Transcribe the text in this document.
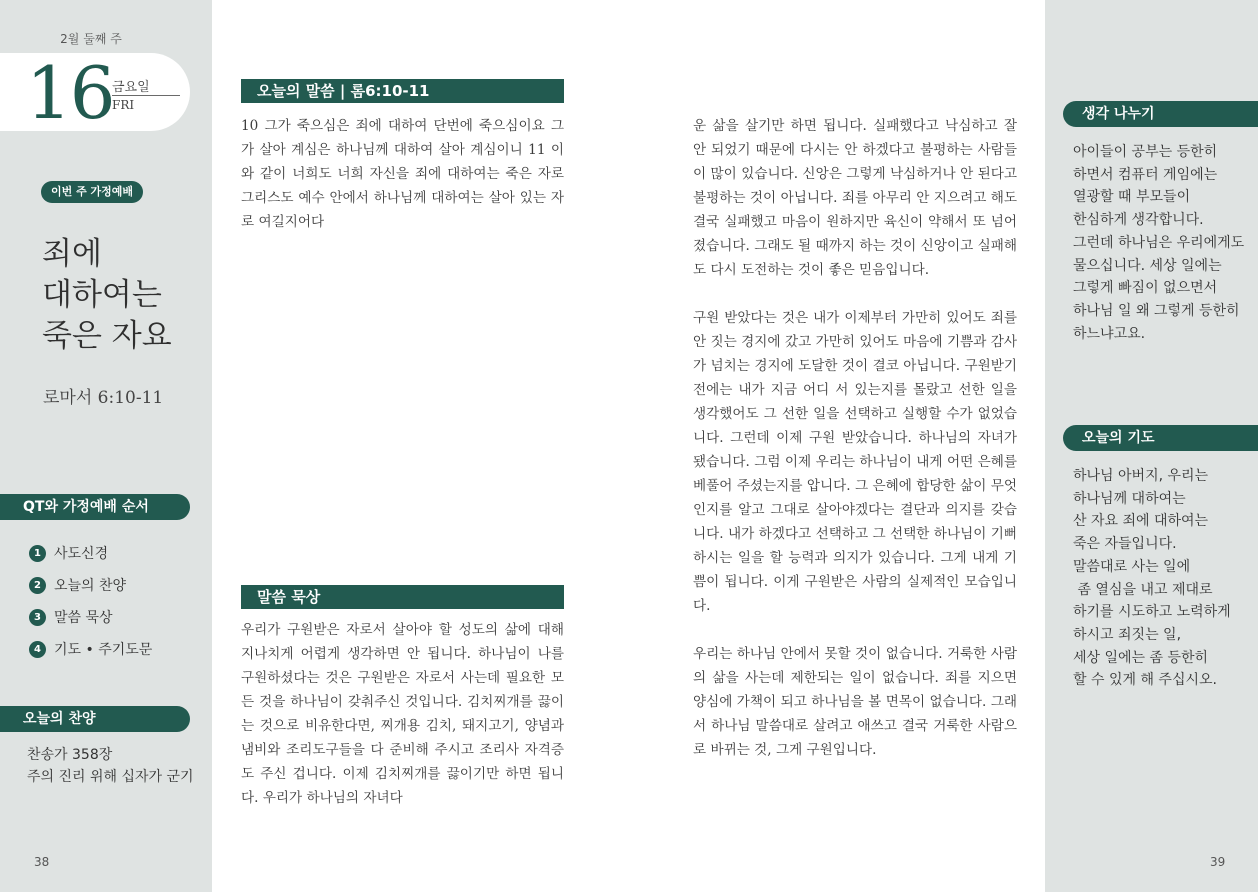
2월 둘째 주
16
금요일
FRI
이번 주 가정예배
죄에
대하여는
죽은 자요
로마서 6:10-11
QT와 가정예배 순서
1 사도신경
2 오늘의 찬양
3 말씀 묵상
4 기도 • 주기도문
오늘의 찬양
찬송가 358장
주의 진리 위해 십자가 군기
38
오늘의 말씀 | 롬6:10-11
10 그가 죽으심은 죄에 대하여 단번에 죽으심이요 그가 살아 계심은 하나님께 대하여 살아 계심이니 11 이와 같이 너희도 너희 자신을 죄에 대하여는 죽은 자로 그리스도 예수 안에서 하나님께 대하여는 살아 있는 자로 여길지어다
말씀 묵상
우리가 구원받은 자로서 살아야 할 성도의 삶에 대해 지나치게 어렵게 생각하면 안 됩니다. 하나님이 나를 구원하셨다는 것은 구원받은 자로서 사는데 필요한 모든 것을 하나님이 갖춰주신 것입니다. 김치찌개를 끓이는 것으로 비유한다면, 찌개용 김치, 돼지고기, 양념과 냄비와 조리도구들을 다 준비해 주시고 조리사 자격증도 주신 겁니다. 이제 김치찌개를 끓이기만 하면 됩니다. 우리가 하나님의 자녀다

운 삶을 살기만 하면 됩니다. 실패했다고 낙심하고 잘 안 되었기 때문에 다시는 안 하겠다고 불평하는 사람들이 많이 있습니다. 신앙은 그렇게 낙심하거나 안 된다고 불평하는 것이 아닙니다. 죄를 아무리 안 지으려고 해도 결국 실패했고 마음이 원하지만 육신이 약해서 또 넘어졌습니다. 그래도 될 때까지 하는 것이 신앙이고 실패해도 다시 도전하는 것이 좋은 믿음입니다.

구원 받았다는 것은 내가 이제부터 가만히 있어도 죄를 안 짓는 경지에 갔고 가만히 있어도 마음에 기쁨과 감사가 넘치는 경지에 도달한 것이 결코 아닙니다. 구원받기 전에는 내가 지금 어디 서 있는지를 몰랐고 선한 일을 생각했어도 그 선한 일을 선택하고 실행할 수가 없었습니다. 그런데 이제 구원 받았습니다. 하나님의 자녀가 됐습니다. 그럼 이제 우리는 하나님이 내게 어떤 은혜를 베풀어 주셨는지를 압니다. 그 은혜에 합당한 삶이 무엇인지를 알고 그대로 살아야겠다는 결단과 의지를 갖습니다. 내가 하겠다고 선택하고 그 선택한 하나님이 기뻐하시는 일을 할 능력과 의지가 있습니다. 그게 내게 기쁨이 됩니다. 이게 구원받은 사람의 실제적인 모습입니다.

우리는 하나님 안에서 못할 것이 없습니다. 거룩한 사람의 삶을 사는데 제한되는 일이 없습니다. 죄를 지으면 양심에 가책이 되고 하나님을 볼 면목이 없습니다. 그래서 하나님 말씀대로 살려고 애쓰고 결국 거룩한 사람으로 바뀌는 것, 그게 구원입니다.

생각 나누기
아이들이 공부는 등한히
하면서 컴퓨터 게임에는
열광할 때 부모들이
한심하게 생각합니다.
그런데 하나님은 우리에게도
물으십니다. 세상 일에는
그렇게 빠짐이 없으면서
하나님 일 왜 그렇게 등한히
하느냐고요.
오늘의 기도
하나님 아버지, 우리는
하나님께 대하여는
산 자요 죄에 대하여는
죽은 자들입니다.
말씀대로 사는 일에
좀 열심을 내고 제대로
하기를 시도하고 노력하게
하시고 죄짓는 일,
세상 일에는 좀 등한히
할 수 있게 해 주십시오.
39
